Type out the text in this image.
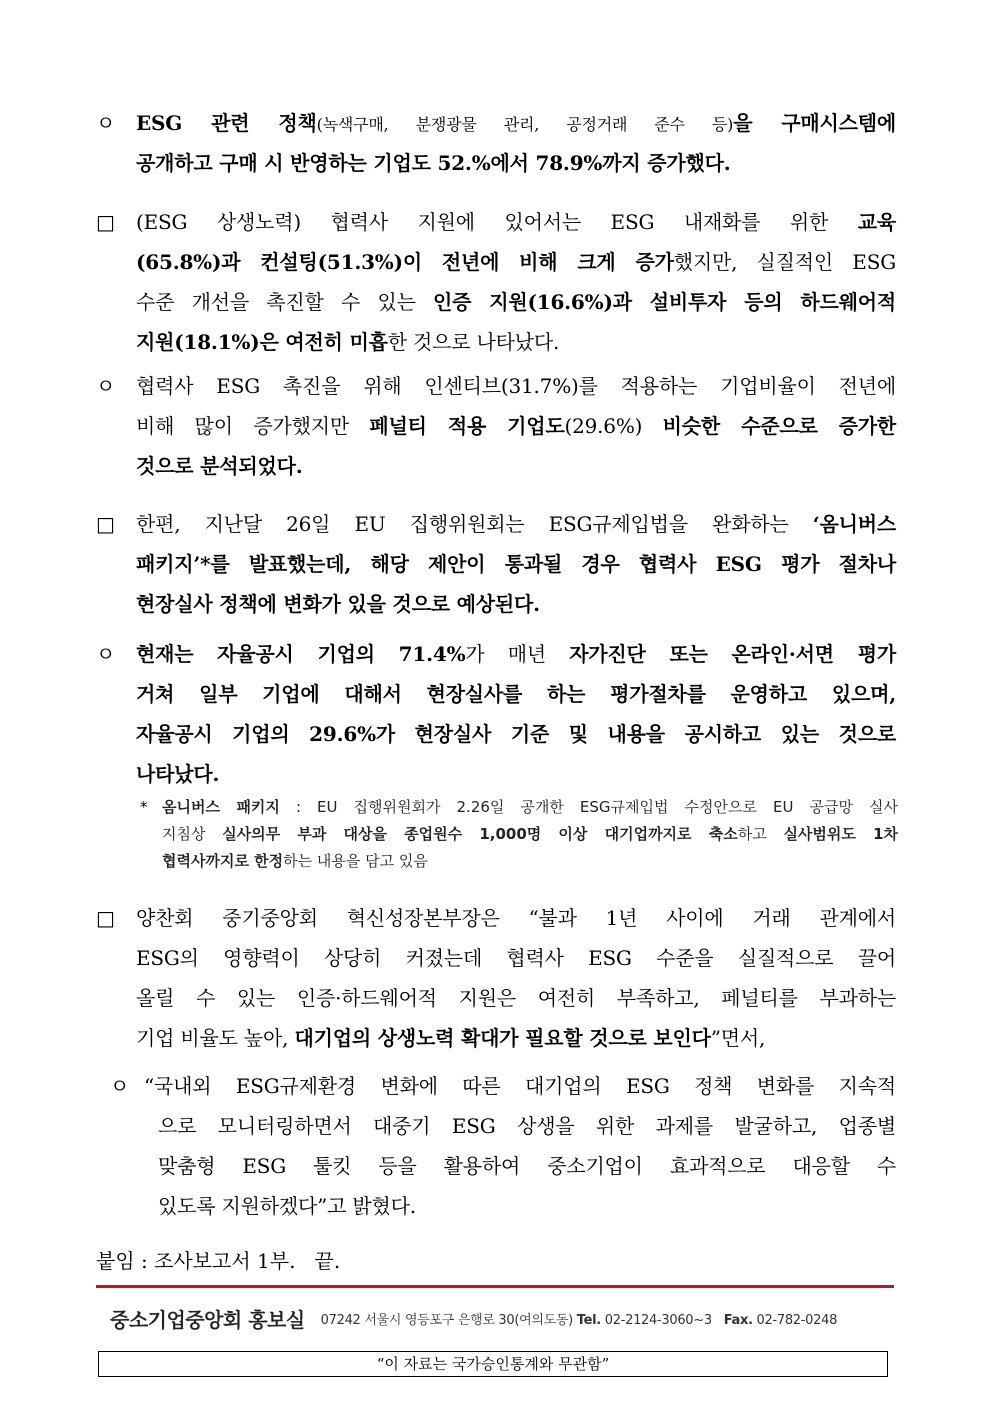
ㅇ	ESG 관련 정책(녹색구매, 분쟁광물 관리, 공정거래 준수 등)을 구매시스템에
공개하고 구매 시 반영하는 기업도 52.%에서 78.9%까지 증가했다.
□	(ESG 상생노력) 협력사 지원에 있어서는 ESG 내재화를 위한 교육
(65.8%)과 컨설팅(51.3%)이 전년에 비해 크게 증가했지만, 실질적인 ESG
수준 개선을 촉진할 수 있는 인증 지원(16.6%)과 설비투자 등의 하드웨어적
지원(18.1%)은 여전히 미흡한 것으로 나타났다.
ㅇ	협력사 ESG 촉진을 위해 인센티브(31.7%)를 적용하는 기업비율이 전년에
비해 많이 증가했지만 페널티 적용 기업도(29.6%) 비슷한 수준으로 증가한
것으로 분석되었다.
□	한편, 지난달 26일 EU 집행위원회는 ESG규제입법을 완화하는 ‘옴니버스
패키지’*를 발표했는데, 해당 제안이 통과될 경우 협력사 ESG 평가 절차나
현장실사 정책에 변화가 있을 것으로 예상된다.
ㅇ	현재는 자율공시 기업의 71.4%가 매년 자가진단 또는 온라인·서면 평가
거쳐 일부 기업에 대해서 현장실사를 하는 평가절차를 운영하고 있으며,
자율공시 기업의 29.6%가 현장실사 기준 및 내용을 공시하고 있는 것으로
나타났다.
* 옴니버스 패키지 : EU 집행위원회가 2.26일 공개한 ESG규제입법 수정안으로 EU 공급망 실사
지침상 실사의무 부과 대상을 종업원수 1,000명 이상 대기업까지로 축소하고 실사범위도 1차
협력사까지로 한정하는 내용을 담고 있음
□	양찬회 중기중앙회 혁신성장본부장은 “불과 1년 사이에 거래 관계에서
ESG의 영향력이 상당히 커졌는데 협력사 ESG 수준을 실질적으로 끌어
올릴 수 있는 인증·하드웨어적 지원은 여전히 부족하고, 페널티를 부과하는
기업 비율도 높아, 대기업의 상생노력 확대가 필요할 것으로 보인다”면서,
ㅇ “국내외 ESG규제환경 변화에 따른 대기업의 ESG 정책 변화를 지속적
으로 모니터링하면서 대중기 ESG 상생을 위한 과제를 발굴하고, 업종별
맞춤형 ESG 툴킷 등을 활용하여 중소기업이 효과적으로 대응할 수
있도록 지원하겠다”고 밝혔다.
붙임 : 조사보고서 1부.   끝.
중소기업중앙회 홍보실 07242 서울시 영등포구 은행로 30(여의도동) Tel. 02-2124-3060~3 Fax. 02-782-0248
“이 자료는 국가승인통계와 무관함”
